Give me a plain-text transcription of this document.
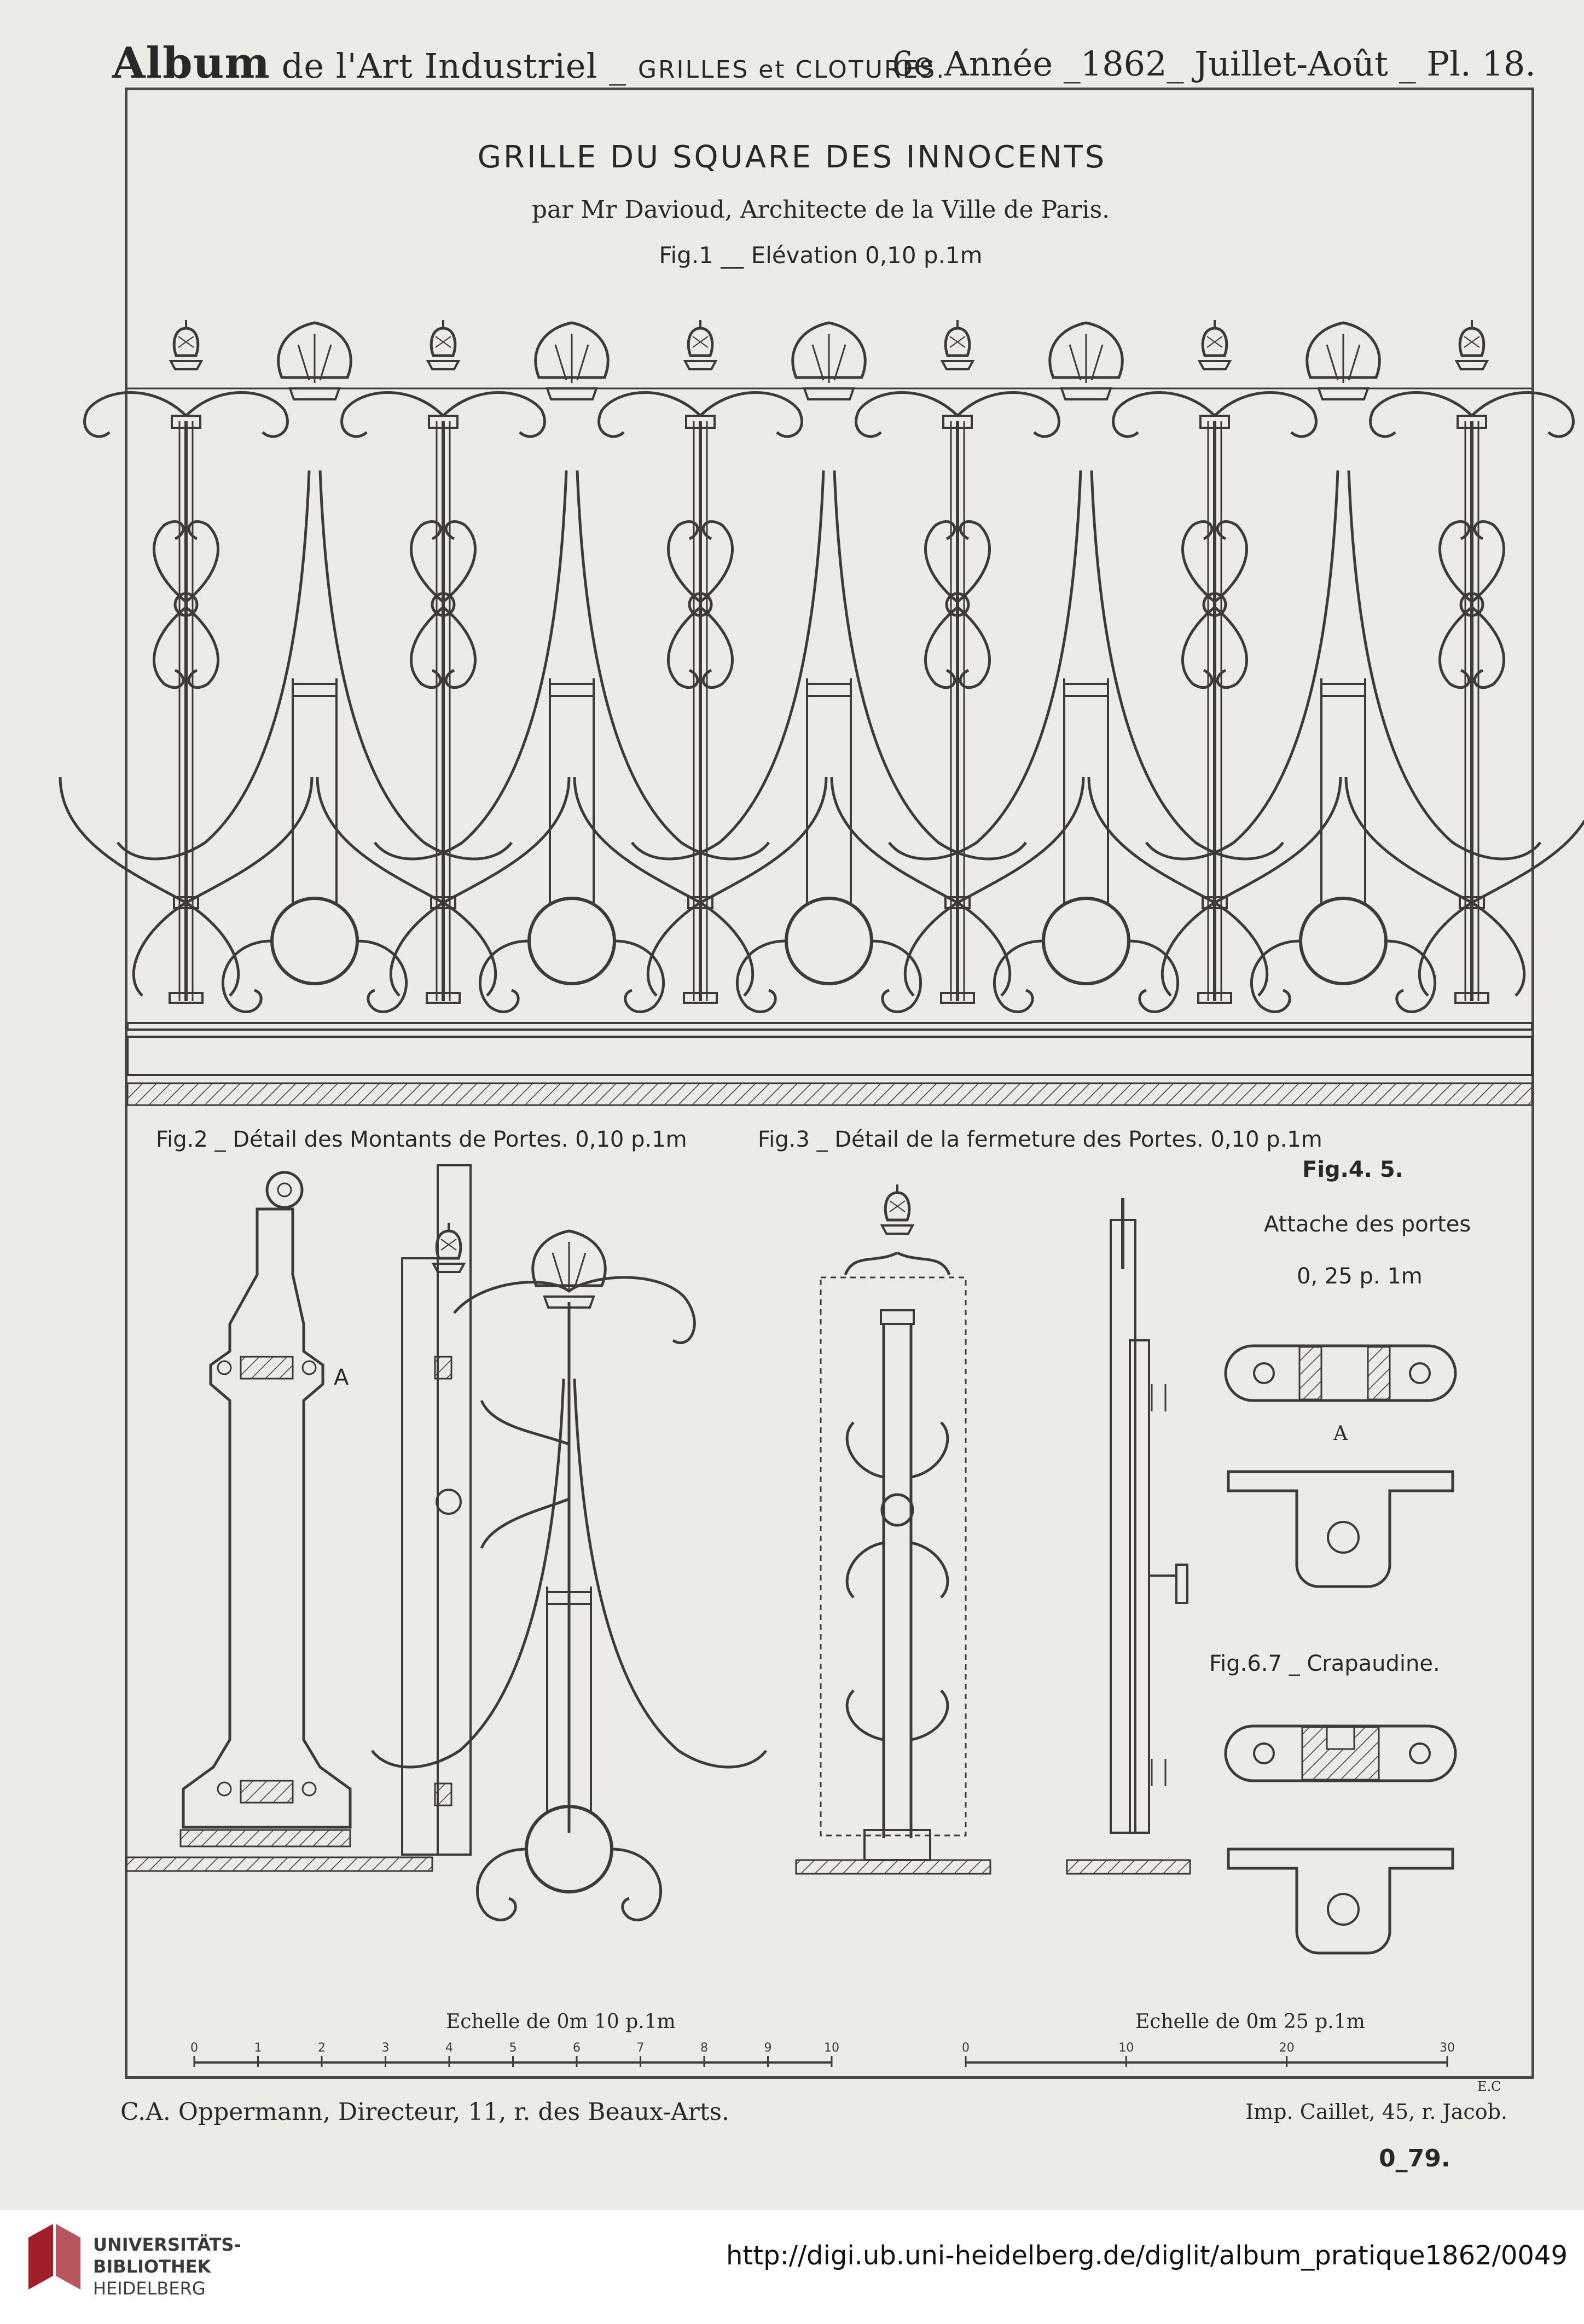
Album de l'Art Industriel _ GRILLES et CLOTURES.
6e Année _1862_ Juillet-Août _ Pl. 18.
GRILLE DU SQUARE DES INNOCENTS
par Mr Davioud, Architecte de la Ville de Paris.
Fig.1 __ Elévation 0,10 p.1m
Fig.2 _ Détail des Montants de Portes. 0,10 p.1m
A
Fig.3 _ Détail de la fermeture des Portes. 0,10 p.1m
Fig.4. 5.
Attache des portes
0, 25 p. 1m
A
Fig.6.7 _ Crapaudine.
Echelle de 0m 10 p.1m	Echelle de 0m 25 p.1m
E.C
0	1	2	3	4	5	6	7	8	9	10	0	10	20	30
C.A. Oppermann, Directeur, 11, r. des Beaux-Arts.	Imp. Caillet, 45, r. Jacob.
0_79.
UNIVERSITÄTS-
BIBLIOTHEK
HEIDELBERG
http://digi.ub.uni-heidelberg.de/diglit/album_pratique1862/0049
